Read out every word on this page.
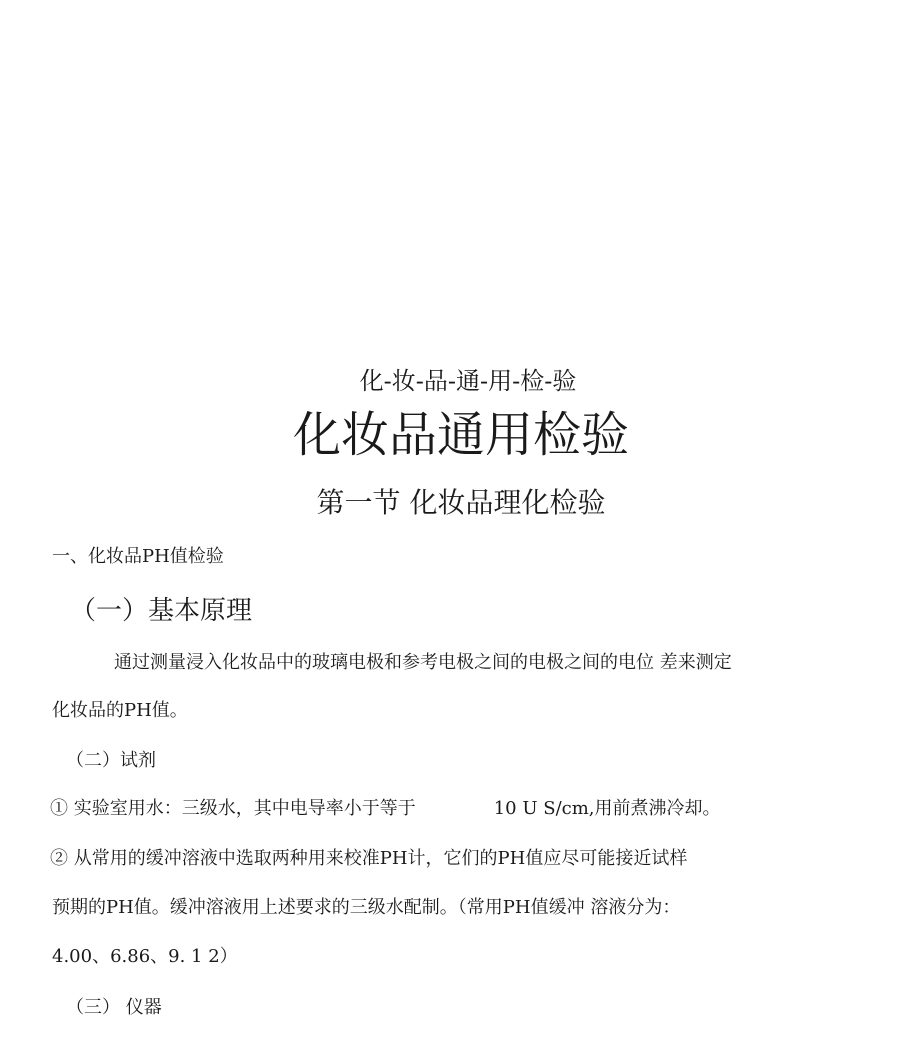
化-妆-品-通-用-检-验
化妆品通用检验
第一节 化妆品理化检验
一、化妆品PH值检验
（一）基本原理
通过测量浸入化妆品中的玻璃电极和参考电极之间的电极之间的电位 差来测定
化妆品的PH值。
（二）试剂
① 实验室用水：三级水，其中电导率小于等于	10 U S/cm,用前煮沸冷却。
② 从常用的缓冲溶液中选取两种用来校准PH计，它们的PH值应尽可能接近试样
预期的PH值。缓冲溶液用上述要求的三级水配制。（常用PH值缓冲 溶液分为：
4.00、6.86、9. 1 2）
（三） 仪器
